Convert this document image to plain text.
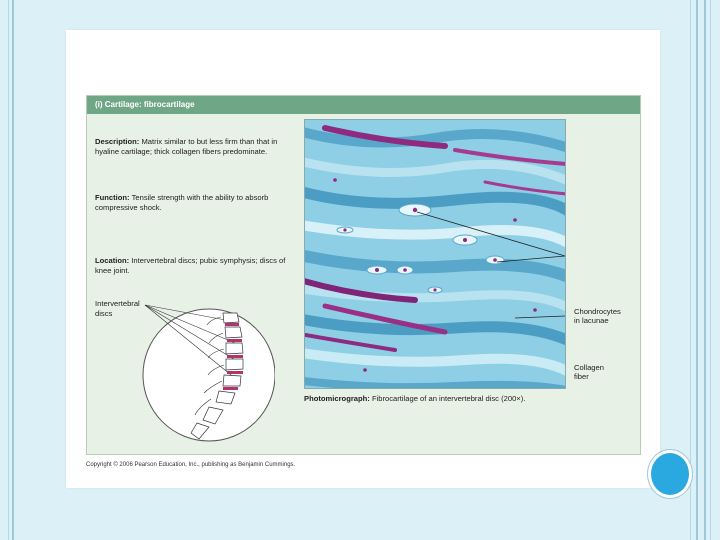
(i) Cartilage: fibrocartilage
Description: Matrix similar to but less firm than that in hyaline cartilage; thick collagen fibers predominate.
Function: Tensile strength with the ability to absorb compressive shock.
Location: Intervertebral discs; pubic symphysis; discs of knee joint.
Intervertebral
discs	Chondrocytes
in lacunae
Collagen
fiber
Photomicrograph: Fibrocartilage of an intervertebral disc (200×).
Copyright © 2006 Pearson Education, Inc., publishing as Benjamin Cummings.
